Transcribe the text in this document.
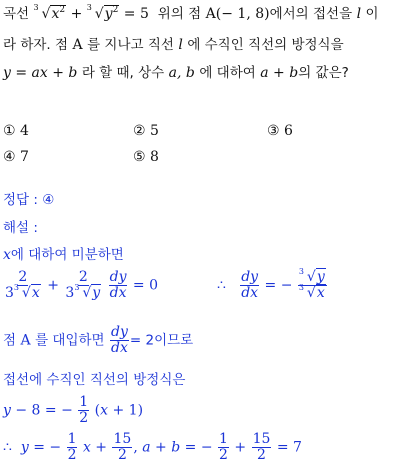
곡선 3 $√x^2 + 3$ $√y^2 = 5$ 위의 점 A(− 1, 8)에서의 접선을 l 이
라 하자. 점 A 를 지나고 직선 l 에 수직인 직선의 방정식을
y = ax + b 라 할 때, 상수 a, b 에 대하여 a + b의 값은?
① 4	② 5	③ 6
④ 7	⑤ 8
정답 : ④
해설 :
x에 대하여 미분하면
$\frac{2}{3 3 √x} + \frac{2}{3 3 √y}$
$\frac{dy}{dx} = 0$	∴ $\frac{dy}{dx}$ = − $\frac{3 √y}{3 √x}$
점 A 를 대입하면 $\frac{dy}{dx} = 2$이므로
접선에 수직인 직선의 방정식은
y − 8 = − $\frac{1}{2} (x + 1)$
∴ y = − $\frac{1}{2}$ $x + \frac{15}{2}$ , a + b = − $\frac{1}{2} + \frac{15}{2} = 7$
